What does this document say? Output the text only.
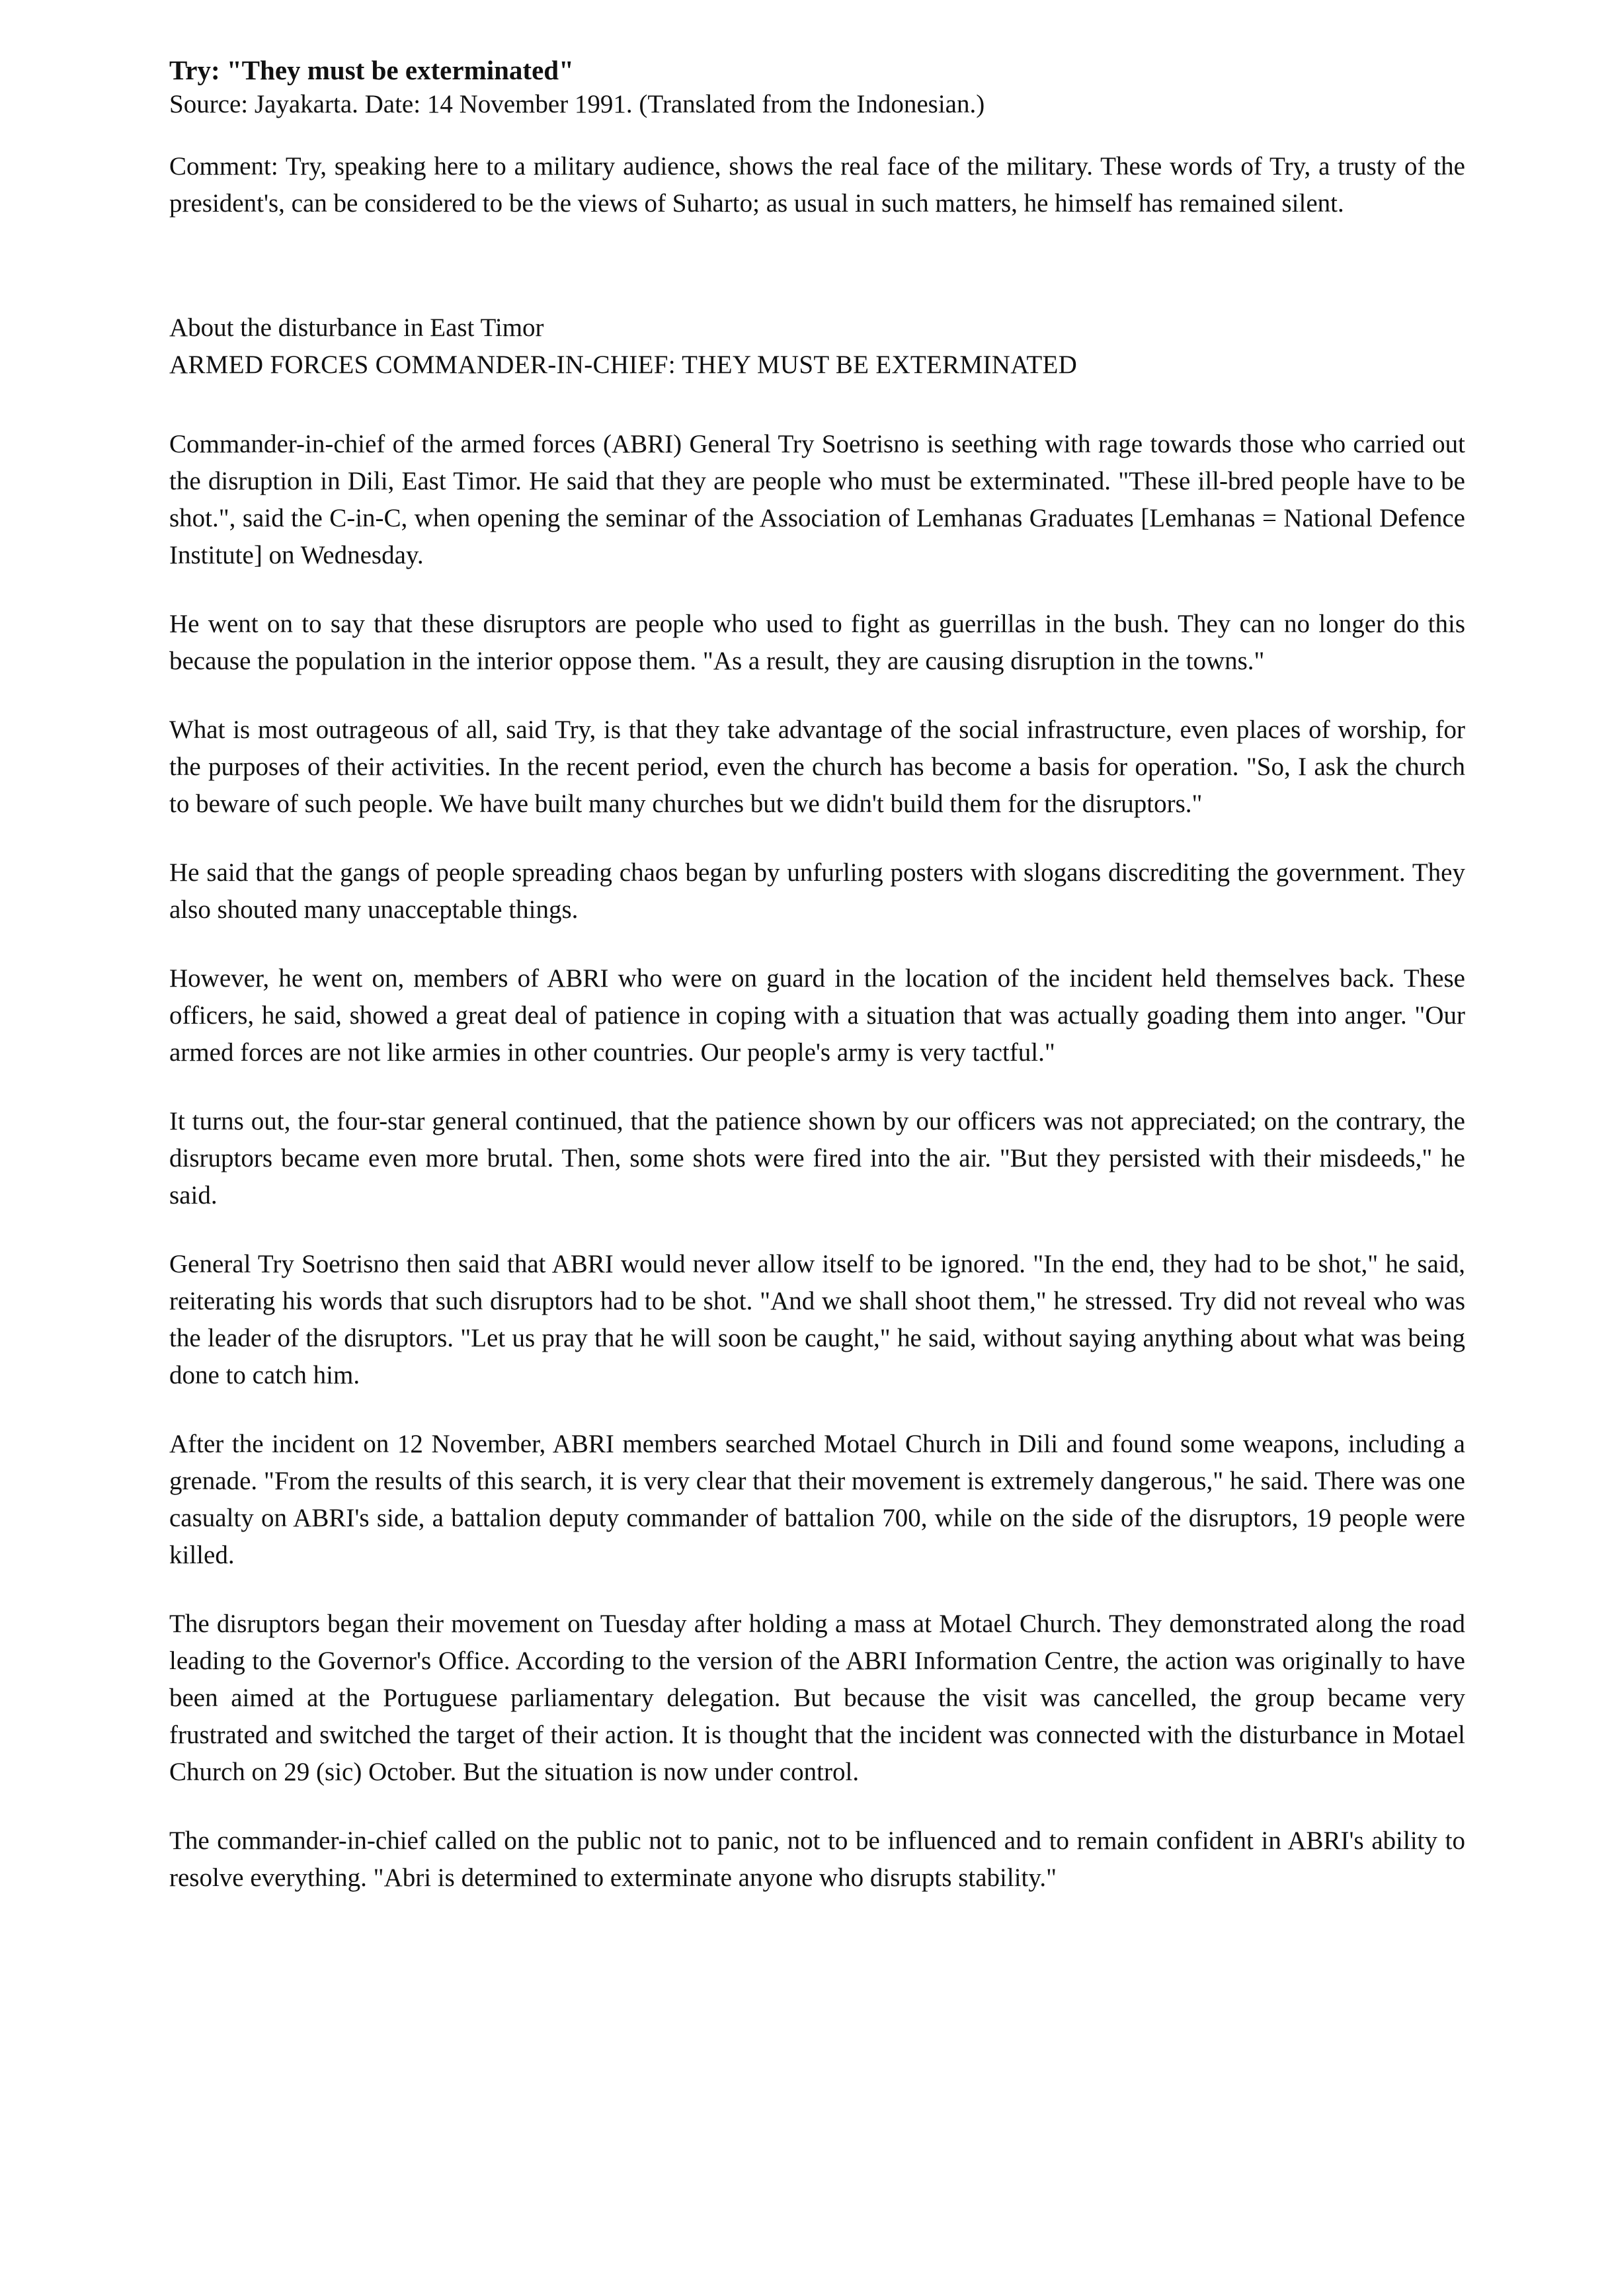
Try: "They must be exterminated"
Source: Jayakarta. Date: 14 November 1991. (Translated from the Indonesian.)

Comment: Try, speaking here to a military audience, shows the real face of the military. These words of Try, a trusty of the president's, can be considered to be the views of Suharto; as usual in such matters, he himself has remained silent.

About the disturbance in East Timor
ARMED FORCES COMMANDER-IN-CHIEF: THEY MUST BE EXTERMINATED

Commander-in-chief of the armed forces (ABRI) General Try Soetrisno is seething with rage towards those who carried out the disruption in Dili, East Timor. He said that they are people who must be exterminated. "These ill-bred people have to be shot.", said the C-in-C, when opening the seminar of the Association of Lemhanas Graduates [Lemhanas = National Defence Institute] on Wednesday.

He went on to say that these disruptors are people who used to fight as guerrillas in the bush. They can no longer do this because the population in the interior oppose them. "As a result, they are causing disruption in the towns."

What is most outrageous of all, said Try, is that they take advantage of the social infrastructure, even places of worship, for the purposes of their activities. In the recent period, even the church has become a basis for operation. "So, I ask the church to beware of such people. We have built many churches but we didn't build them for the disruptors."

He said that the gangs of people spreading chaos began by unfurling posters with slogans discrediting the government. They also shouted many unacceptable things.

However, he went on, members of ABRI who were on guard in the location of the incident held themselves back. These officers, he said, showed a great deal of patience in coping with a situation that was actually goading them into anger. "Our armed forces are not like armies in other countries. Our people's army is very tactful."

It turns out, the four-star general continued, that the patience shown by our officers was not appreciated; on the contrary, the disruptors became even more brutal. Then, some shots were fired into the air. "But they persisted with their misdeeds," he said.

General Try Soetrisno then said that ABRI would never allow itself to be ignored. "In the end, they had to be shot," he said, reiterating his words that such disruptors had to be shot. "And we shall shoot them," he stressed. Try did not reveal who was the leader of the disruptors. "Let us pray that he will soon be caught," he said, without saying anything about what was being done to catch him.

After the incident on 12 November, ABRI members searched Motael Church in Dili and found some weapons, including a grenade. "From the results of this search, it is very clear that their movement is extremely dangerous," he said. There was one casualty on ABRI's side, a battalion deputy commander of battalion 700, while on the side of the disruptors, 19 people were killed.

The disruptors began their movement on Tuesday after holding a mass at Motael Church. They demonstrated along the road leading to the Governor's Office. According to the version of the ABRI Information Centre, the action was originally to have been aimed at the Portuguese parliamentary delegation. But because the visit was cancelled, the group became very frustrated and switched the target of their action. It is thought that the incident was connected with the disturbance in Motael Church on 29 (sic) October. But the situation is now under control.

The commander-in-chief called on the public not to panic, not to be influenced and to remain confident in ABRI's ability to resolve everything. "Abri is determined to exterminate anyone who disrupts stability."
